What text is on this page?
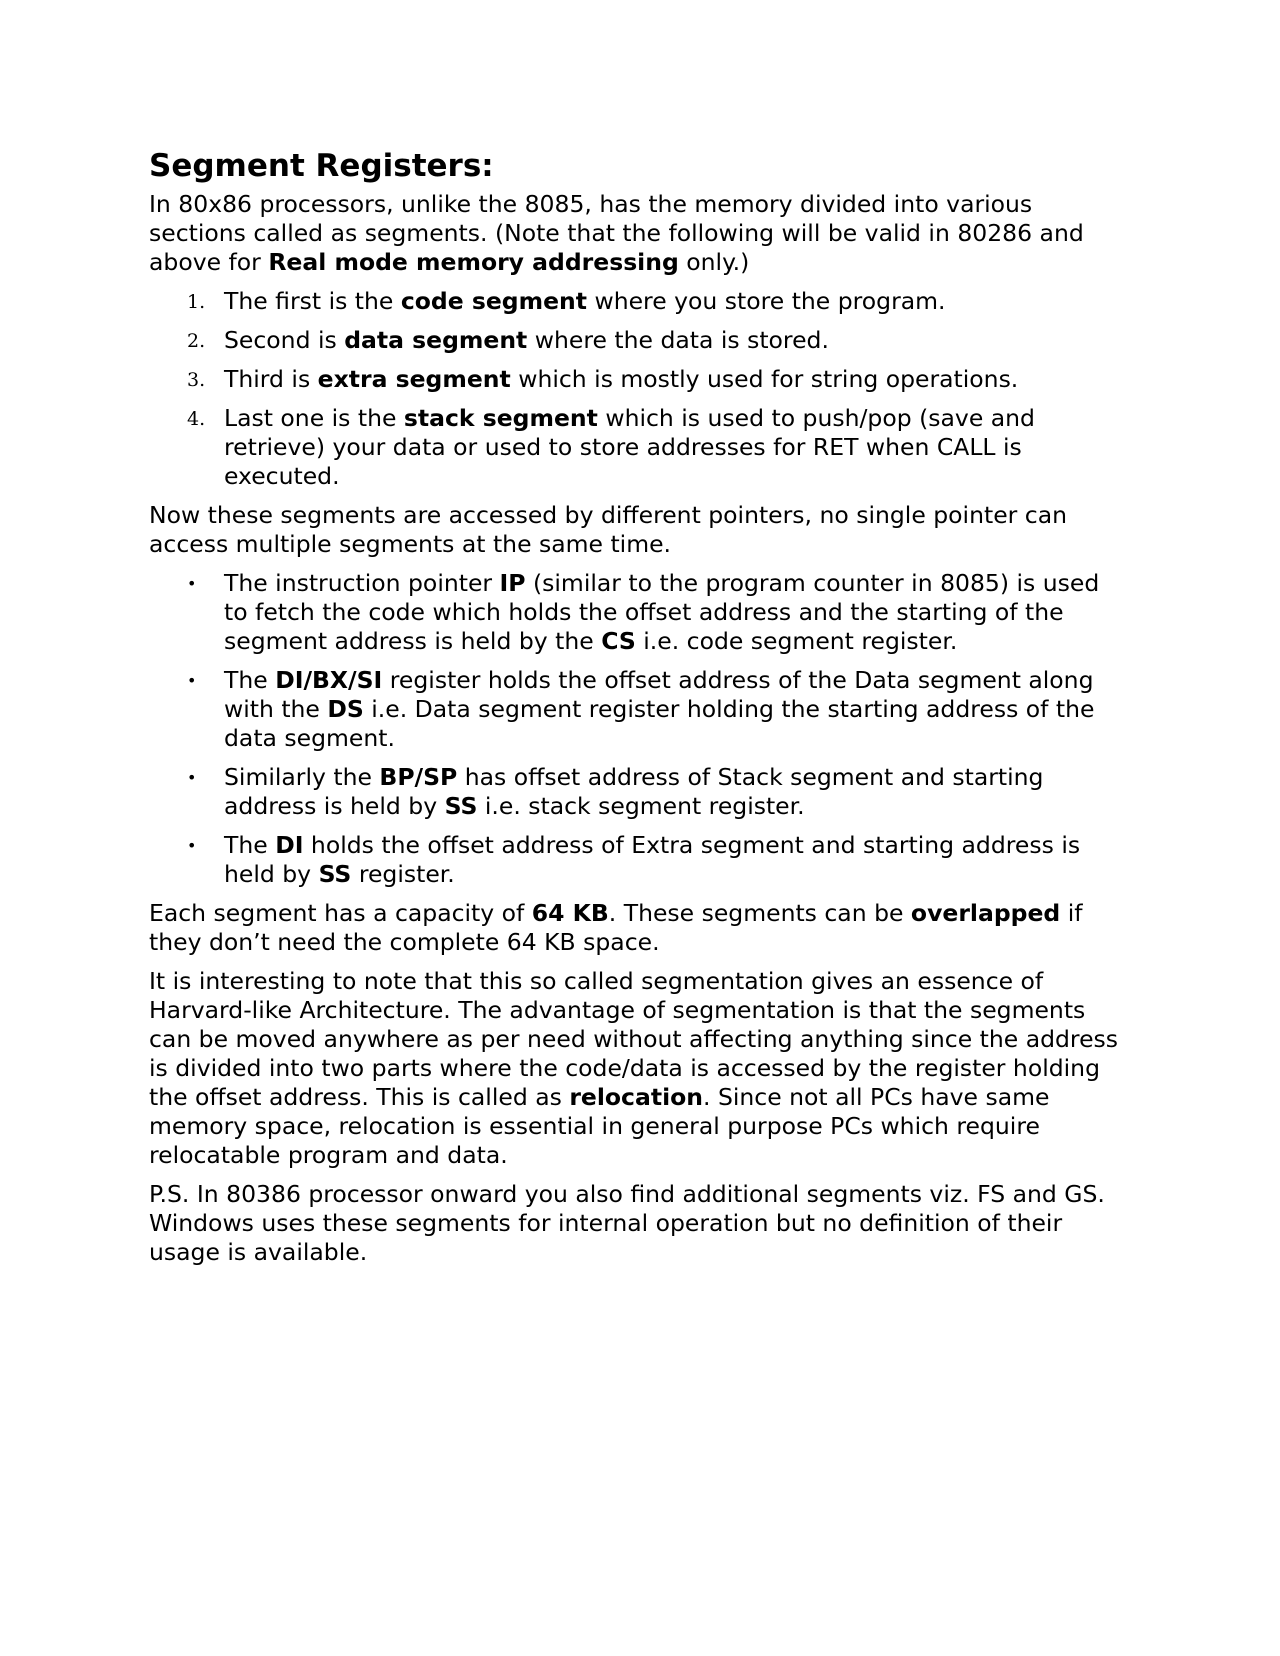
Segment Registers:

In 80x86 processors, unlike the 8085, has the memory divided into various sections called as segments. (Note that the following will be valid in 80286 and above for Real mode memory addressing only.)

1. The first is the code segment where you store the program.
2. Second is data segment where the data is stored.
3. Third is extra segment which is mostly used for string operations.
4. Last one is the stack segment which is used to push/pop (save and retrieve) your data or used to store addresses for RET when CALL is executed.

Now these segments are accessed by different pointers, no single pointer can access multiple segments at the same time.

• The instruction pointer IP (similar to the program counter in 8085) is used to fetch the code which holds the offset address and the starting of the segment address is held by the CS i.e. code segment register.
• The DI/BX/SI register holds the offset address of the Data segment along with the DS i.e. Data segment register holding the starting address of the data segment.
• Similarly the BP/SP has offset address of Stack segment and starting address is held by SS i.e. stack segment register.
• The DI holds the offset address of Extra segment and starting address is held by SS register.

Each segment has a capacity of 64 KB. These segments can be overlapped if they don’t need the complete 64 KB space.

It is interesting to note that this so called segmentation gives an essence of Harvard-like Architecture. The advantage of segmentation is that the segments can be moved anywhere as per need without affecting anything since the address is divided into two parts where the code/data is accessed by the register holding the offset address. This is called as relocation. Since not all PCs have same memory space, relocation is essential in general purpose PCs which require relocatable program and data.

P.S. In 80386 processor onward you also find additional segments viz. FS and GS. Windows uses these segments for internal operation but no definition of their usage is available.
